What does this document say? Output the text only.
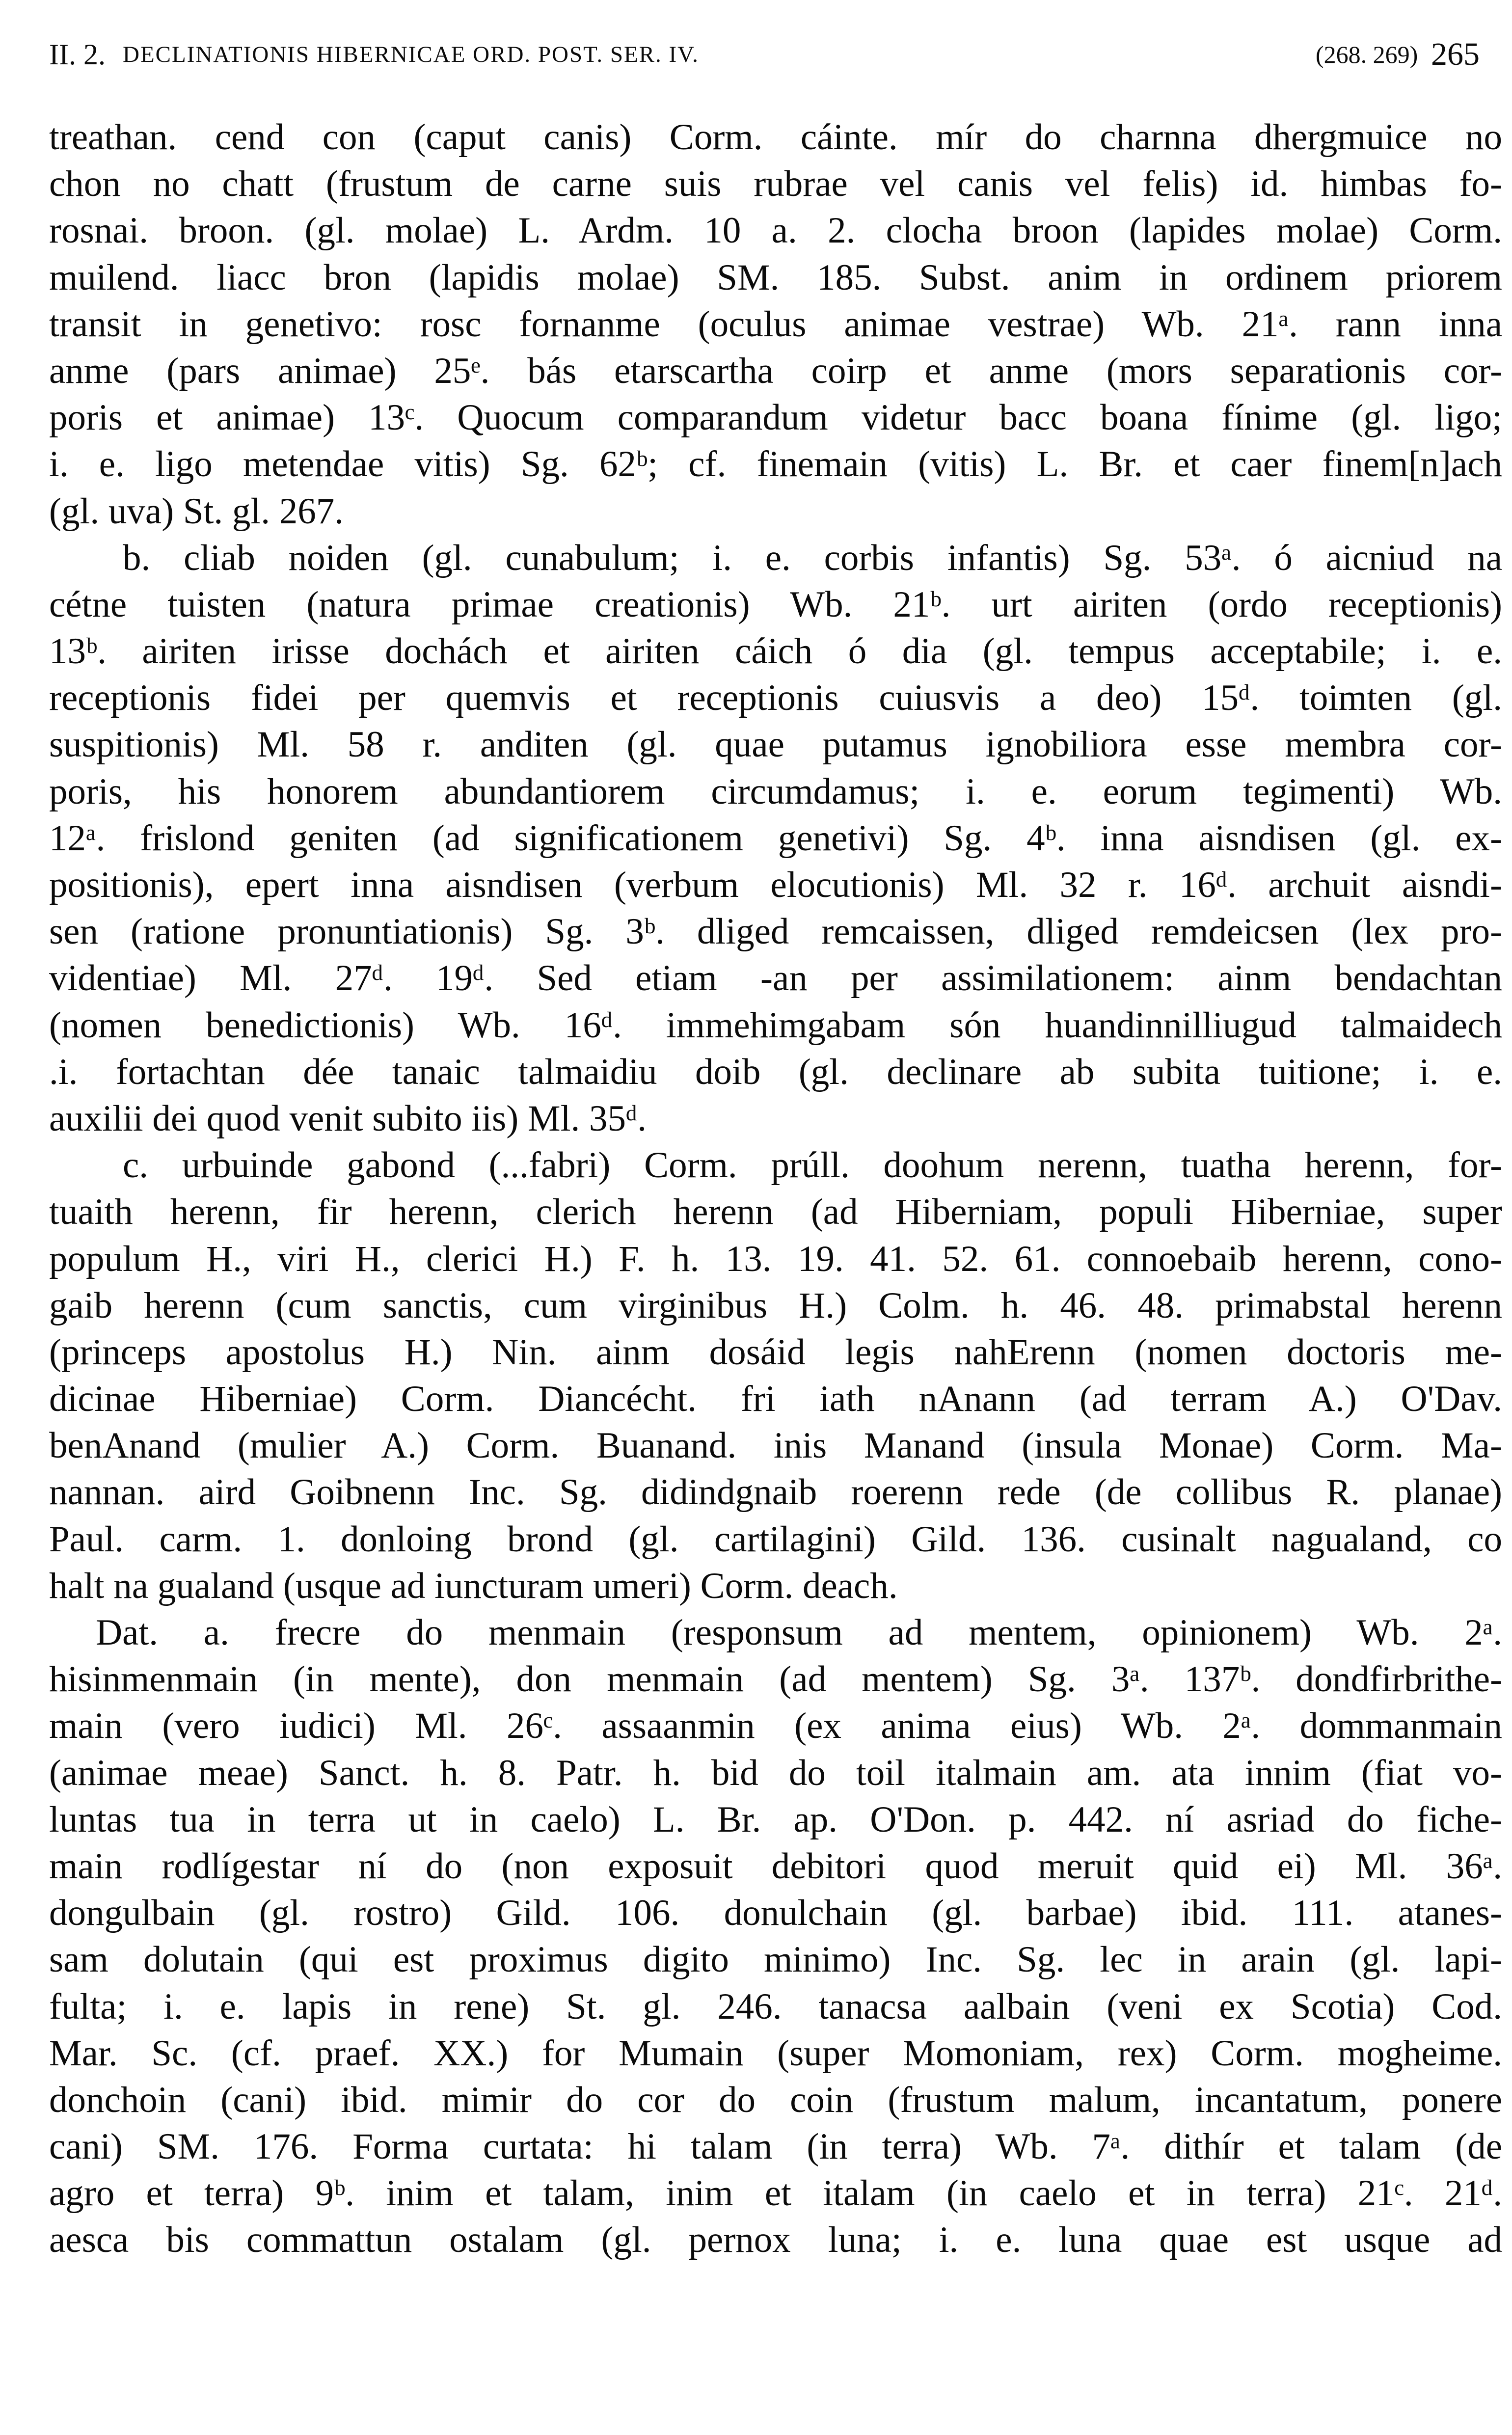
II. 2. DECLINATIONIS HIBERNICAE ORD. POST. SER. IV.	(268. 269) 265
treathan. cend con (caput canis) Corm. cáinte. mír do charnna dhergmuice no
chon no chatt (frustum de carne suis rubrae vel canis vel felis) id. himbas fo-
rosnai. broon. (gl. molae) L. Ardm. 10 a. 2. clocha broon (lapides molae) Corm.
muilend. liacc bron (lapidis molae) SM. 185. Subst. anim in ordinem priorem
transit in genetivo: rosc fornanme (oculus animae vestrae) Wb. 21ᵃ. rann inna
anme (pars animae) 25ᵉ. bás etarscartha coirp et anme (mors separationis cor-
poris et animae) 13ᶜ. Quocum comparandum videtur bacc boana fínime (gl. ligo;
i. e. ligo metendae vitis) Sg. 62ᵇ; cf. finemain (vitis) L. Br. et caer finem[n]ach
(gl. uva) St. gl. 267.
b. cliab noiden (gl. cunabulum; i. e. corbis infantis) Sg. 53ᵃ. ó aicniud na
cétne tuisten (natura primae creationis) Wb. 21ᵇ. urt airiten (ordo receptionis)
13ᵇ. airiten irisse dochách et airiten cáich ó dia (gl. tempus acceptabile; i. e.
receptionis fidei per quemvis et receptionis cuiusvis a deo) 15ᵈ. toimten (gl.
suspitionis) Ml. 58 r. anditen (gl. quae putamus ignobiliora esse membra cor-
poris, his honorem abundantiorem circumdamus; i. e. eorum tegimenti) Wb.
12ᵃ. frislond geniten (ad significationem genetivi) Sg. 4ᵇ. inna aisndisen (gl. ex-
positionis), epert inna aisndisen (verbum elocutionis) Ml. 32 r. 16ᵈ. archuit aisndi-
sen (ratione pronuntiationis) Sg. 3ᵇ. dliged remcaissen, dliged remdeicsen (lex pro-
videntiae) Ml. 27ᵈ. 19ᵈ. Sed etiam -an per assimilationem: ainm bendachtan
(nomen benedictionis) Wb. 16ᵈ. immehimgabam són huandinnilliugud talmaidech
.i. fortachtan dée tanaic talmaidiu doib (gl. declinare ab subita tuitione; i. e.
auxilii dei quod venit subito iis) Ml. 35ᵈ.
c. urbuinde gabond (...fabri) Corm. prúll. doohum nerenn, tuatha herenn, for-
tuaith herenn, fir herenn, clerich herenn (ad Hiberniam, populi Hiberniae, super
populum H., viri H., clerici H.) F. h. 13. 19. 41. 52. 61. connoebaib herenn, cono-
gaib herenn (cum sanctis, cum virginibus H.) Colm. h. 46. 48. primabstal herenn
(princeps apostolus H.) Nin. ainm dosáid legis nahErenn (nomen doctoris me-
dicinae Hiberniae) Corm. Diancécht. fri iath nAnann (ad terram A.) O'Dav.
benAnand (mulier A.) Corm. Buanand. inis Manand (insula Monae) Corm. Ma-
nannan. aird Goibnenn Inc. Sg. didindgnaib roerenn rede (de collibus R. planae)
Paul. carm. 1. donloing brond (gl. cartilagini) Gild. 136. cusinalt nagualand, co
halt na gualand (usque ad iuncturam umeri) Corm. deach.
Dat. a. frecre do menmain (responsum ad mentem, opinionem) Wb. 2ᵃ.
hisinmenmain (in mente), don menmain (ad mentem) Sg. 3ᵃ. 137ᵇ. dondfirbrithe-
main (vero iudici) Ml. 26ᶜ. assaanmin (ex anima eius) Wb. 2ᵃ. dommanmain
(animae meae) Sanct. h. 8. Patr. h. bid do toil italmain am. ata innim (fiat vo-
luntas tua in terra ut in caelo) L. Br. ap. O'Don. p. 442. ní asriad do fiche-
main rodlígestar ní do (non exposuit debitori quod meruit quid ei) Ml. 36ᵃ.
dongulbain (gl. rostro) Gild. 106. donulchain (gl. barbae) ibid. 111. atanes-
sam dolutain (qui est proximus digito minimo) Inc. Sg. lec in arain (gl. lapi-
fulta; i. e. lapis in rene) St. gl. 246. tanacsa aalbain (veni ex Scotia) Cod.
Mar. Sc. (cf. praef. XX.) for Mumain (super Momoniam, rex) Corm. mogheime.
donchoin (cani) ibid. mimir do cor do coin (frustum malum, incantatum, ponere
cani) SM. 176. Forma curtata: hi talam (in terra) Wb. 7ᵃ. dithír et talam (de
agro et terra) 9ᵇ. inim et talam, inim et italam (in caelo et in terra) 21ᶜ. 21ᵈ.
aesca bis commattun ostalam (gl. pernox luna; i. e. luna quae est usque ad
